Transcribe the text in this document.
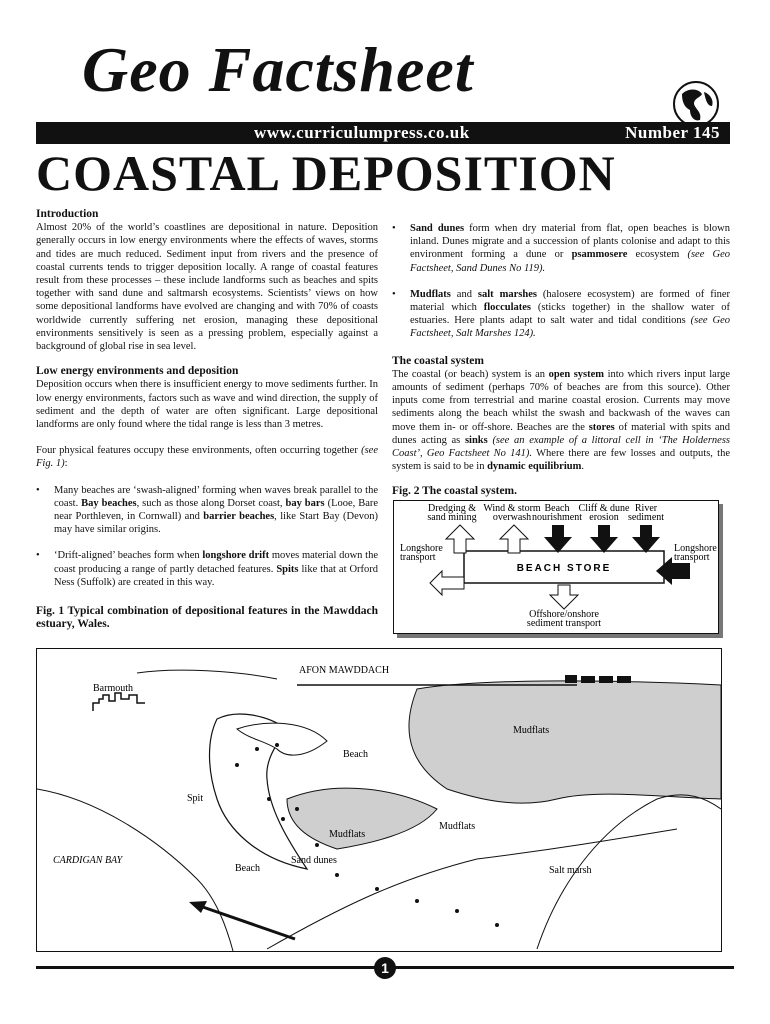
Geo Factsheet
www.curriculumpress.co.uk	Number 145
COASTAL DEPOSITION

Introduction

Almost 20% of the world’s coastlines are depositional in nature. Deposition generally occurs in low energy environments where the effects of waves, storms and tides are much reduced. Sediment input from rivers and the presence of coastal currents tends to trigger deposition locally. A range of coastal features result from these processes – these include landforms such as beaches and spits together with sand dune and saltmarsh ecosystems. Scientists’ views on how some depositional landforms have evolved are changing and with 70% of coasts worldwide currently suffering net erosion, managing these depositional environments sensitively is seen as a pressing problem, especially against a background of global rise in sea level.

Low energy environments and deposition

Deposition occurs when there is insufficient energy to move sediments further. In low energy environments, factors such as wave and wind direction, the supply of sediment and the depth of water are often significant. Large depositional landforms are only found where the tidal range is less than 3 metres.

Four physical features occupy these environments, often occurring together (see Fig. 1):

• Many beaches are ‘swash-aligned’ forming when waves break parallel to the coast. Bay beaches, such as those along Dorset coast, bay bars (Looe, Bare near Porthleven, in Cornwall) and barrier beaches, like Start Bay (Devon) may have similar origins.

• ‘Drift-aligned’ beaches form when longshore drift moves material down the coast producing a range of partly detached features. Spits like that at Orford Ness (Suffolk) are created in this way.

Fig. 1 Typical combination of depositional features in the Mawddach estuary, Wales.

• Sand dunes form when dry material from flat, open beaches is blown inland. Dunes migrate and a succession of plants colonise and adapt to this environment forming a dune or psammosere ecosystem (see Geo Factsheet, Sand Dunes No 119).

• Mudflats and salt marshes (halosere ecosystem) are formed of finer material which flocculates (sticks together) in the shallow water of estuaries. Here plants adapt to salt water and tidal conditions (see Geo Factsheet, Salt Marshes 124).

The coastal system

The coastal (or beach) system is an open system into which rivers input large amounts of sediment (perhaps 70% of beaches are from this source). Other inputs come from terrestrial and marine coastal erosion. Currents may move sediments along the beach whilst the swash and backwash of the waves can move them in- or off-shore. Beaches are the stores of material with spits and dunes acting as sinks (see an example of a littoral cell in ‘The Holderness Coast’, Geo Factsheet No 141). Where there are few losses and outputs, the system is said to be in dynamic equilibrium.

Fig. 2 The coastal system.

Dredging &
sand mining
Wind & storm
overwash
Beach
nourishment
Cliff & dune
erosion
River
sediment
BEACH STORE
Longshore
transport
Longshore
transport
Offshore/onshore
sediment transport
AFON MAWDDACH
Barmouth
Mudflats
Beach
Spit
Mudflats
Mudflats
CARDIGAN BAY
Beach
Sand dunes
Salt marsh
1
